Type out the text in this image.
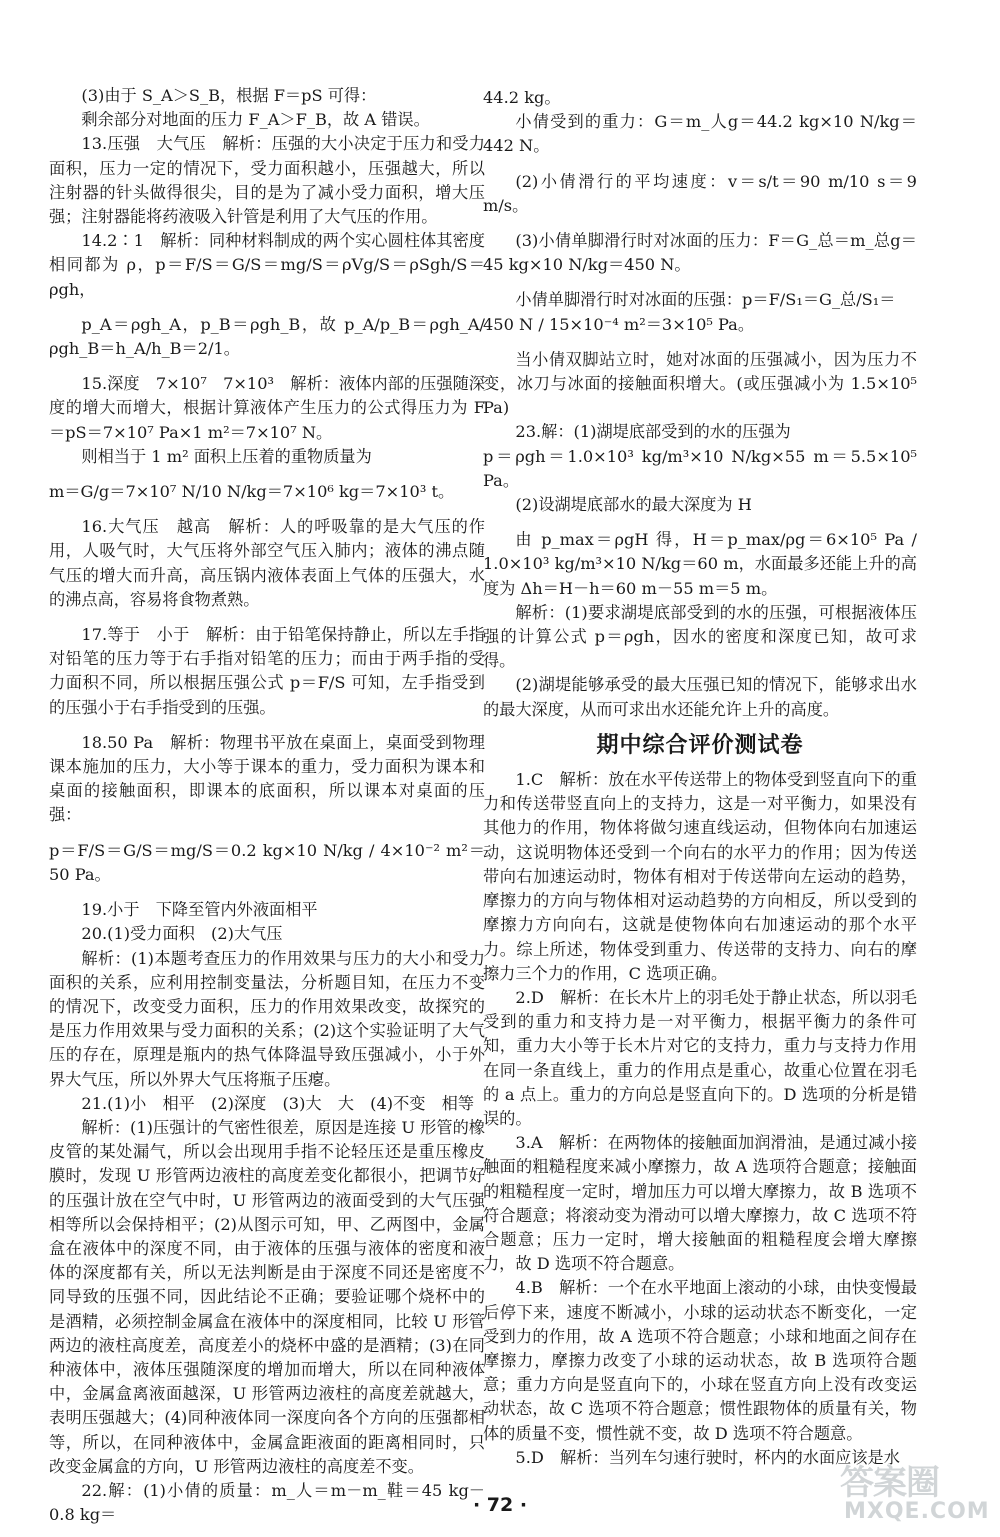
(3)由于 S_A＞S_B，根据 F＝pS 可得：

剩余部分对地面的压力 F_A＞F_B，故 A 错误。

13.压强　大气压　解析：压强的大小决定于压力和受力面积，压力一定的情况下，受力面积越小，压强越大，所以注射器的针头做得很尖，目的是为了减小受力面积，增大压强；注射器能将药液吸入针管是利用了大气压的作用。

14.2∶1　解析：同种材料制成的两个实心圆柱体其密度相同都为 ρ，p＝F/S＝G/S＝mg/S＝ρVg/S＝ρSgh/S＝ρgh，

p_A＝ρgh_A，p_B＝ρgh_B，故 p_A/p_B＝ρgh_A/ρgh_B＝h_A/h_B＝2/1。

15.深度　7×10⁷　7×10³　解析：液体内部的压强随深度的增大而增大，根据计算液体产生压力的公式得压力为 F＝pS＝7×10⁷ Pa×1 m²＝7×10⁷ N。

则相当于 1 m² 面积上压着的重物质量为

m＝G/g＝7×10⁷ N/10 N/kg＝7×10⁶ kg＝7×10³ t。

16.大气压　越高　解析：人的呼吸靠的是大气压的作用，人吸气时，大气压将外部空气压入肺内；液体的沸点随气压的增大而升高，高压锅内液体表面上气体的压强大，水的沸点高，容易将食物煮熟。

17.等于　小于　解析：由于铅笔保持静止，所以左手指对铅笔的压力等于右手指对铅笔的压力；而由于两手指的受力面积不同，所以根据压强公式 p＝F/S 可知，左手指受到的压强小于右手指受到的压强。

18.50 Pa　解析：物理书平放在桌面上，桌面受到物理课本施加的压力，大小等于课本的重力，受力面积为课本和桌面的接触面积，即课本的底面积，所以课本对桌面的压强：

p＝F/S＝G/S＝mg/S＝0.2 kg×10 N/kg / 4×10⁻² m²＝50 Pa。

19.小于　下降至管内外液面相平

20.(1)受力面积　(2)大气压

解析：(1)本题考查压力的作用效果与压力的大小和受力面积的关系，应利用控制变量法，分析题目知，在压力不变的情况下，改变受力面积，压力的作用效果改变，故探究的是压力作用效果与受力面积的关系；(2)这个实验证明了大气压的存在，原理是瓶内的热气体降温导致压强减小，小于外界大气压，所以外界大气压将瓶子压瘪。

21.(1)小　相平　(2)深度　(3)大　大　(4)不变　相等

解析：(1)压强计的气密性很差，原因是连接 U 形管的橡皮管的某处漏气，所以会出现用手指不论轻压还是重压橡皮膜时，发现 U 形管两边液柱的高度差变化都很小，把调节好的压强计放在空气中时，U 形管两边的液面受到的大气压强相等所以会保持相平；(2)从图示可知，甲、乙两图中，金属盒在液体中的深度不同，由于液体的压强与液体的密度和液体的深度都有关，所以无法判断是由于深度不同还是密度不同导致的压强不同，因此结论不正确；要验证哪个烧杯中的是酒精，必须控制金属盒在液体中的深度相同，比较 U 形管两边的液柱高度差，高度差小的烧杯中盛的是酒精；(3)在同种液体中，液体压强随深度的增加而增大，所以在同种液体中，金属盒离液面越深，U 形管两边液柱的高度差就越大，表明压强越大；(4)同种液体同一深度向各个方向的压强都相等，所以，在同种液体中，金属盒距液面的距离相同时，只改变金属盒的方向，U 形管两边液柱的高度差不变。

22.解：(1)小倩的质量：m_人＝m－m_鞋＝45 kg－0.8 kg＝

44.2 kg。

小倩受到的重力：G＝m_人g＝44.2 kg×10 N/kg＝442 N。

(2)小倩滑行的平均速度：v＝s/t＝90 m/10 s＝9 m/s。

(3)小倩单脚滑行时对冰面的压力：F＝G_总＝m_总g＝45 kg×10 N/kg＝450 N。

小倩单脚滑行时对冰面的压强：p＝F/S₁＝G_总/S₁＝

450 N / 15×10⁻⁴ m²＝3×10⁵ Pa。

当小倩双脚站立时，她对冰面的压强减小，因为压力不变，冰刀与冰面的接触面积增大。(或压强减小为 1.5×10⁵ Pa)

23.解：(1)湖堤底部受到的水的压强为

p＝ρgh＝1.0×10³ kg/m³×10 N/kg×55 m＝5.5×10⁵ Pa。

(2)设湖堤底部水的最大深度为 H

由 p_max＝ρgH 得，H＝p_max/ρg＝6×10⁵ Pa / 1.0×10³ kg/m³×10 N/kg＝60 m，水面最多还能上升的高度为 Δh＝H－h＝60 m－55 m＝5 m。

解析：(1)要求湖堤底部受到的水的压强，可根据液体压强的计算公式 p＝ρgh，因水的密度和深度已知，故可求得。

(2)湖堤能够承受的最大压强已知的情况下，能够求出水的最大深度，从而可求出水还能允许上升的高度。

期中综合评价测试卷

1.C　解析：放在水平传送带上的物体受到竖直向下的重力和传送带竖直向上的支持力，这是一对平衡力，如果没有其他力的作用，物体将做匀速直线运动，但物体向右加速运动，这说明物体还受到一个向右的水平力的作用；因为传送带向右加速运动时，物体有相对于传送带向左运动的趋势，摩擦力的方向与物体相对运动趋势的方向相反，所以受到的摩擦力方向向右，这就是使物体向右加速运动的那个水平力。综上所述，物体受到重力、传送带的支持力、向右的摩擦力三个力的作用，C 选项正确。

2.D　解析：在长木片上的羽毛处于静止状态，所以羽毛受到的重力和支持力是一对平衡力，根据平衡力的条件可知，重力大小等于长木片对它的支持力，重力与支持力作用在同一条直线上，重力的作用点是重心，故重心位置在羽毛的 a 点上。重力的方向总是竖直向下的。D 选项的分析是错误的。

3.A　解析：在两物体的接触面加润滑油，是通过减小接触面的粗糙程度来减小摩擦力，故 A 选项符合题意；接触面的粗糙程度一定时，增加压力可以增大摩擦力，故 B 选项不符合题意；将滚动变为滑动可以增大摩擦力，故 C 选项不符合题意；压力一定时，增大接触面的粗糙程度会增大摩擦力，故 D 选项不符合题意。

4.B　解析：一个在水平地面上滚动的小球，由快变慢最后停下来，速度不断减小，小球的运动状态不断变化，一定受到力的作用，故 A 选项不符合题意；小球和地面之间存在摩擦力，摩擦力改变了小球的运动状态，故 B 选项符合题意；重力方向是竖直向下的，小球在竖直方向上没有改变运动状态，故 C 选项不符合题意；惯性跟物体的质量有关，物体的质量不变，惯性就不变，故 D 选项不符合题意。

5.D　解析：当列车匀速行驶时，杯内的水面应该是水

· 72 ·
答案圈
MXQE.COM
